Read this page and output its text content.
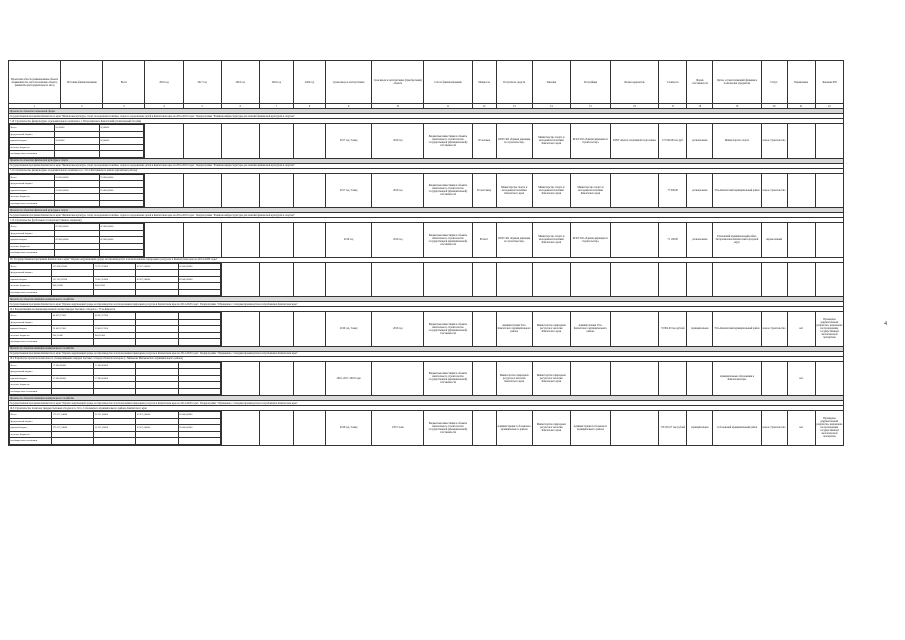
Проектная область (наименование объекта недвижимости, местоположение объекта, реквизиты распорядительного акта)	Источник финансирования	Всего	2016 год	2017 год	2018 год	2019 год	2020 год	Сроки ввода в эксплуатацию	Срок ввода в эксплуатацию (приобретения) объекта	Способ финансирования	Мощность	Получатель средств	Заказчик	Застройщик	Балансодержатель	Стоимость	Форма собственности	Орган, осуществляющий функции и полномочия учредителя	Статус	Примечание	Значение ЕИ
1	2	3	4	5	6	7	8	9	10	11	12	13	14	15	16	17	18	19	20	21	22
Проекты по объектам социальной сферы
Государственная программа Камчатского края "Физическая культура, спорт, молодежная политика, отдых и оздоровление детей в Камчатском крае на 2014-2018 годы". Подпрограмма "Развитие инфраструктуры для занятий физической культурой и спортом"
7.10 Строительство физкультурно-оздоровительного комплекса, г. Петропавловск-Камчатский (плавательный бассейн)

Всего	50,00000	50,00000
федеральный бюджет		
краевой бюджет	50,00000	50,00000
местные бюджеты		
внебюджетные источники		
						2017 год, 3 квар	2016 год	Бюджетные инвестиции в объекты капитального строительства государственной (муниципальной) собственности	20 человек	КГКУ КО «Единая дирекция по строительству»	Министерство спорта и молодежной политики Камчатского края	КГКУ КО «Единая дирекция по строительству»	КГБУ «Центр спортивной подготовки»	175 000,00 тыс.руб.	региональная	Министерство спорта	новое строительство		
Проекты по объектам физической культуры и спорта
Государственная программа Камчатского края "Физическая культура, спорт, молодежная политика, отдых и оздоровление детей в Камчатском крае на 2014-2018 годы". Подпрограмма "Развитие инфраструктуры для занятий физической культурой и спортом"
7.11 Строительство физкультурно-оздоровительного комплекса в с. Эссо Быстринского района (проектные работы)

Всего	22 000,00000	22 000,00000
федеральный бюджет		
краевой бюджет	22 000,00000	22 000,00000
местные бюджеты		
внебюджетные источники		
						2017 год, 3 квар	2016 год	Бюджетные инвестиции в объекты капитального строительства государственной (муниципальной) собственности	50 чел/смену	Министерство спорта и молодежной политики Камчатского края	Министерство спорта и молодежной политики Камчатского края	Министерство спорта и молодежной политики Камчатского края		77 000,00	региональная	Усть-Камчатский муниципальный район	новое строительство		
Проекты по объектам физической культуры и спорта
Государственная программа Камчатского края "Физическая культура, спорт, молодежная политика, отдых и оздоровление детей в Камчатском крае на 2014-2018 годы". Подпрограмма "Развитие инфраструктуры для занятий физической культурой и спортом"
7.12 Строительство футбольного поля (искусственное покрытие)

Всего	47 000,00000	47 000,00000
федеральный бюджет		
краевой бюджет	47 000,00000	47 000,00000
местные бюджеты		
внебюджетные источники		
						2016 год	2016 год	Бюджетные инвестиции в объекты капитального строительства государственной (муниципальной) собственности	80 мест	КГКУ КО «Единая дирекция по строительству»	Министерство спорта и молодежной политики Камчатского края	КГКУ КО «Единая дирекция по строительству»		71 100,00	региональная	Елизовский муниципальный район, Петропавловск-Камчатский городской округ	перенесенный		
10. Государственная программа Камчатского края "Охрана окружающей среды, воспроизводство и использование природных ресурсов в Камчатском крае на 2014-2020 годы"

Всего	233 408,07000	70 372,29900	42 071,00000	50 000,00000
федеральный бюджет				
краевой бюджет	232 343,07000	70 413,24300	42 071,00000	49 000,00000
местные бюджеты	944,11000	944,11000		
внебюджетные источники				

Проекты по объектам жилищно-коммунального хозяйства
Государственная программа Камчатского края "Охрана окружающей среды, воспроизводство и использование природных ресурсов в Камчатском крае на 2014-2020 годы". Подпрограмма "Обращение с отходами производства и потребления в Камчатском крае"
10.1 Рекультивация несанкционированной свалки твердых бытовых отходов в с. Усть-Камчатск

Всего	40 422,37960	40 422,37960		
федеральный бюджет				
краевой бюджет	39 466,27000	39 466,27000		
местные бюджеты	944,11000	944,11000		
внебюджетные источники				
				2016 год, 3 квар	2016 год	Бюджетные инвестиции в объекты капитального строительства государственной (муниципальной) собственности		Администрация Усть-Камчатского муниципального района	Министерство природных ресурсов и экологии Камчатского края	Администрация Усть-Камчатского муниципального района		53 802,00 тыс.рублей	муниципальная	Усть-Камчатский муниципальный район	новое строительство	нет	Проведены документальная разработка, направлена на прохождение государственной экологической экспертизы
Проекты по объектам жилищно-коммунального хозяйства
Государственная программа Камчатского края "Охрана окружающей среды, воспроизводство и использование природных ресурсов в Камчатском крае на 2014-2020 годы". Подпрограмма "Обращение с отходами производства и потребления в Камчатском крае"
10.2 Разработка проектов полигонов по обезвреживанию твердых бытовых отходов в Камчатском крае (с. Мильково Мильковского муниципального района)

Всего	17 000,00000	17 000,00000		
федеральный бюджет				
краевой бюджет	17 000,00000	17 000,00000		
местные бюджеты				
внебюджетные источники				
				2016, 2017, 2018 годы		Бюджетные инвестиции в объекты капитального строительства государственной (муниципальной) собственности		Министерство природных ресурсов и экологии Камчатского края	Министерство природных ресурсов и экологии Камчатского края					муниципальные образования в Камчатском крае		нет	
Проекты по объектам жилищно-коммунального хозяйства
Государственная программа Камчатского края "Охрана окружающей среды, воспроизводство и использование природных ресурсов в Камчатском крае на 2014-2020 годы". Подпрограмма "Обращение с отходами производства и потребления в Камчатском крае"
10.3 Строительство полигона твердых бытовых отходов в п. Эссо, Соболевского муниципального района, Камчатского края

Всего	176 557,54000	20 121,00000	42 071,00000	50 000,00000
федеральный бюджет				
краевой бюджет	176 557,54000	20 121,00000	42 071,00000	50 000,00000
местные бюджеты				
внебюджетные источники				
				2018 год, 3 квар	278,5 тонн	Бюджетные инвестиции в объекты капитального строительства государственной (муниципальной) собственности		Администрация Соболевского муниципального района	Министерство природных ресурсов и экологии Камчатского края	Администрация Соболевского муниципального района		176 581,57 тыс.рублей	муниципальная	Соболевский муниципальный район	новое строительство	нет	Проведены документальная разработка, направлена на прохождение государственной экологической экспертизы
4
